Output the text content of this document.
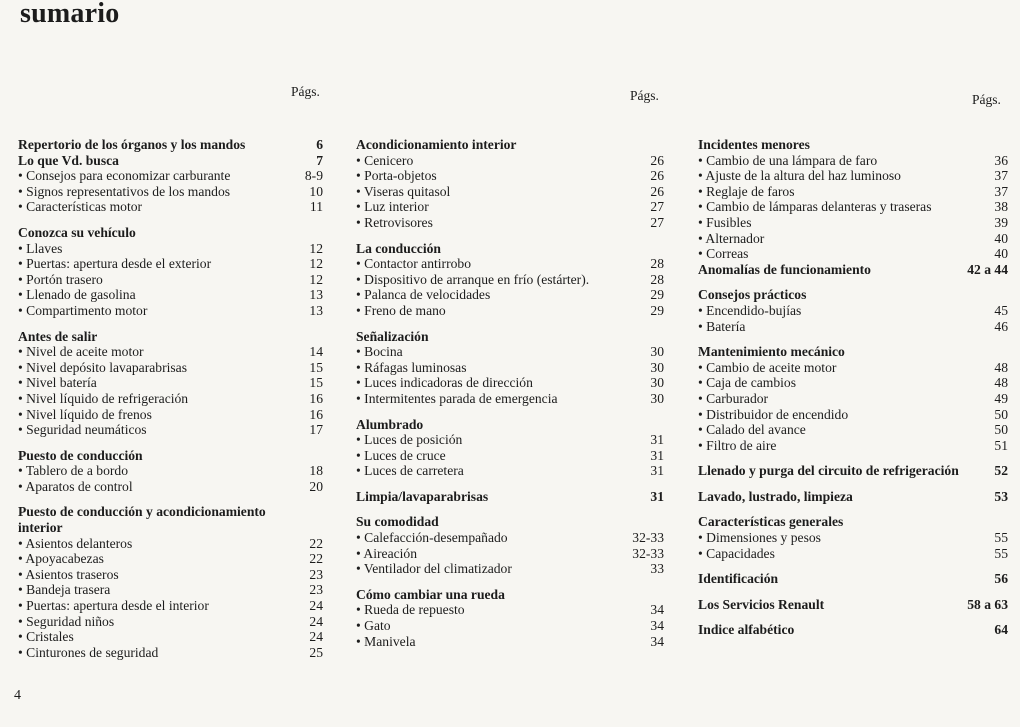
sumario
Págs.	Págs.	Págs.
Repertorio de los órganos y los mandos	6
Lo que Vd. busca	7
• Consejos para economizar carburante	8-9
• Signos representativos de los mandos	10
• Características motor	11
Conozca su vehículo
• Llaves	12
• Puertas: apertura desde el exterior	12
• Portón trasero	12
• Llenado de gasolina	13
• Compartimento motor	13
Antes de salir
• Nivel de aceite motor	14
• Nivel depósito lavaparabrisas	15
• Nivel batería	15
• Nivel líquido de refrigeración	16
• Nivel líquido de frenos	16
• Seguridad neumáticos	17
Puesto de conducción
• Tablero de a bordo	18
• Aparatos de control	20
Puesto de conducción y acondicionamiento interior
• Asientos delanteros	22
• Apoyacabezas	22
• Asientos traseros	23
• Bandeja trasera	23
• Puertas: apertura desde el interior	24
• Seguridad niños	24
• Cristales	24
• Cinturones de seguridad	25
Acondicionamiento interior
• Cenicero	26
• Porta-objetos	26
• Viseras quitasol	26
• Luz interior	27
• Retrovisores	27
La conducción
• Contactor antirrobo	28
• Dispositivo de arranque en frío (estárter).	28
• Palanca de velocidades	29
• Freno de mano	29
Señalización
• Bocina	30
• Ráfagas luminosas	30
• Luces indicadoras de dirección	30
• Intermitentes parada de emergencia	30
Alumbrado
• Luces de posición	31
• Luces de cruce	31
• Luces de carretera	31
Limpia/lavaparabrisas	31
Su comodidad
• Calefacción-desempañado	32-33
• Aireación	32-33
• Ventilador del climatizador	33
Cómo cambiar una rueda
• Rueda de repuesto	34
• Gato	34
• Manivela	34
Incidentes menores
• Cambio de una lámpara de faro	36
• Ajuste de la altura del haz luminoso	37
• Reglaje de faros	37
• Cambio de lámparas delanteras y traseras	38
• Fusibles	39
• Alternador	40
• Correas	40
Anomalías de funcionamiento	42 a 44
Consejos prácticos
• Encendido-bujías	45
• Batería	46
Mantenimiento mecánico
• Cambio de aceite motor	48
• Caja de cambios	48
• Carburador	49
• Distribuidor de encendido	50
• Calado del avance	50
• Filtro de aire	51
Llenado y purga del circuito de refrigeración	52
Lavado, lustrado, limpieza	53
Características generales
• Dimensiones y pesos	55
• Capacidades	55
Identificación	56
Los Servicios Renault	58 a 63
Indice alfabético	64
4
